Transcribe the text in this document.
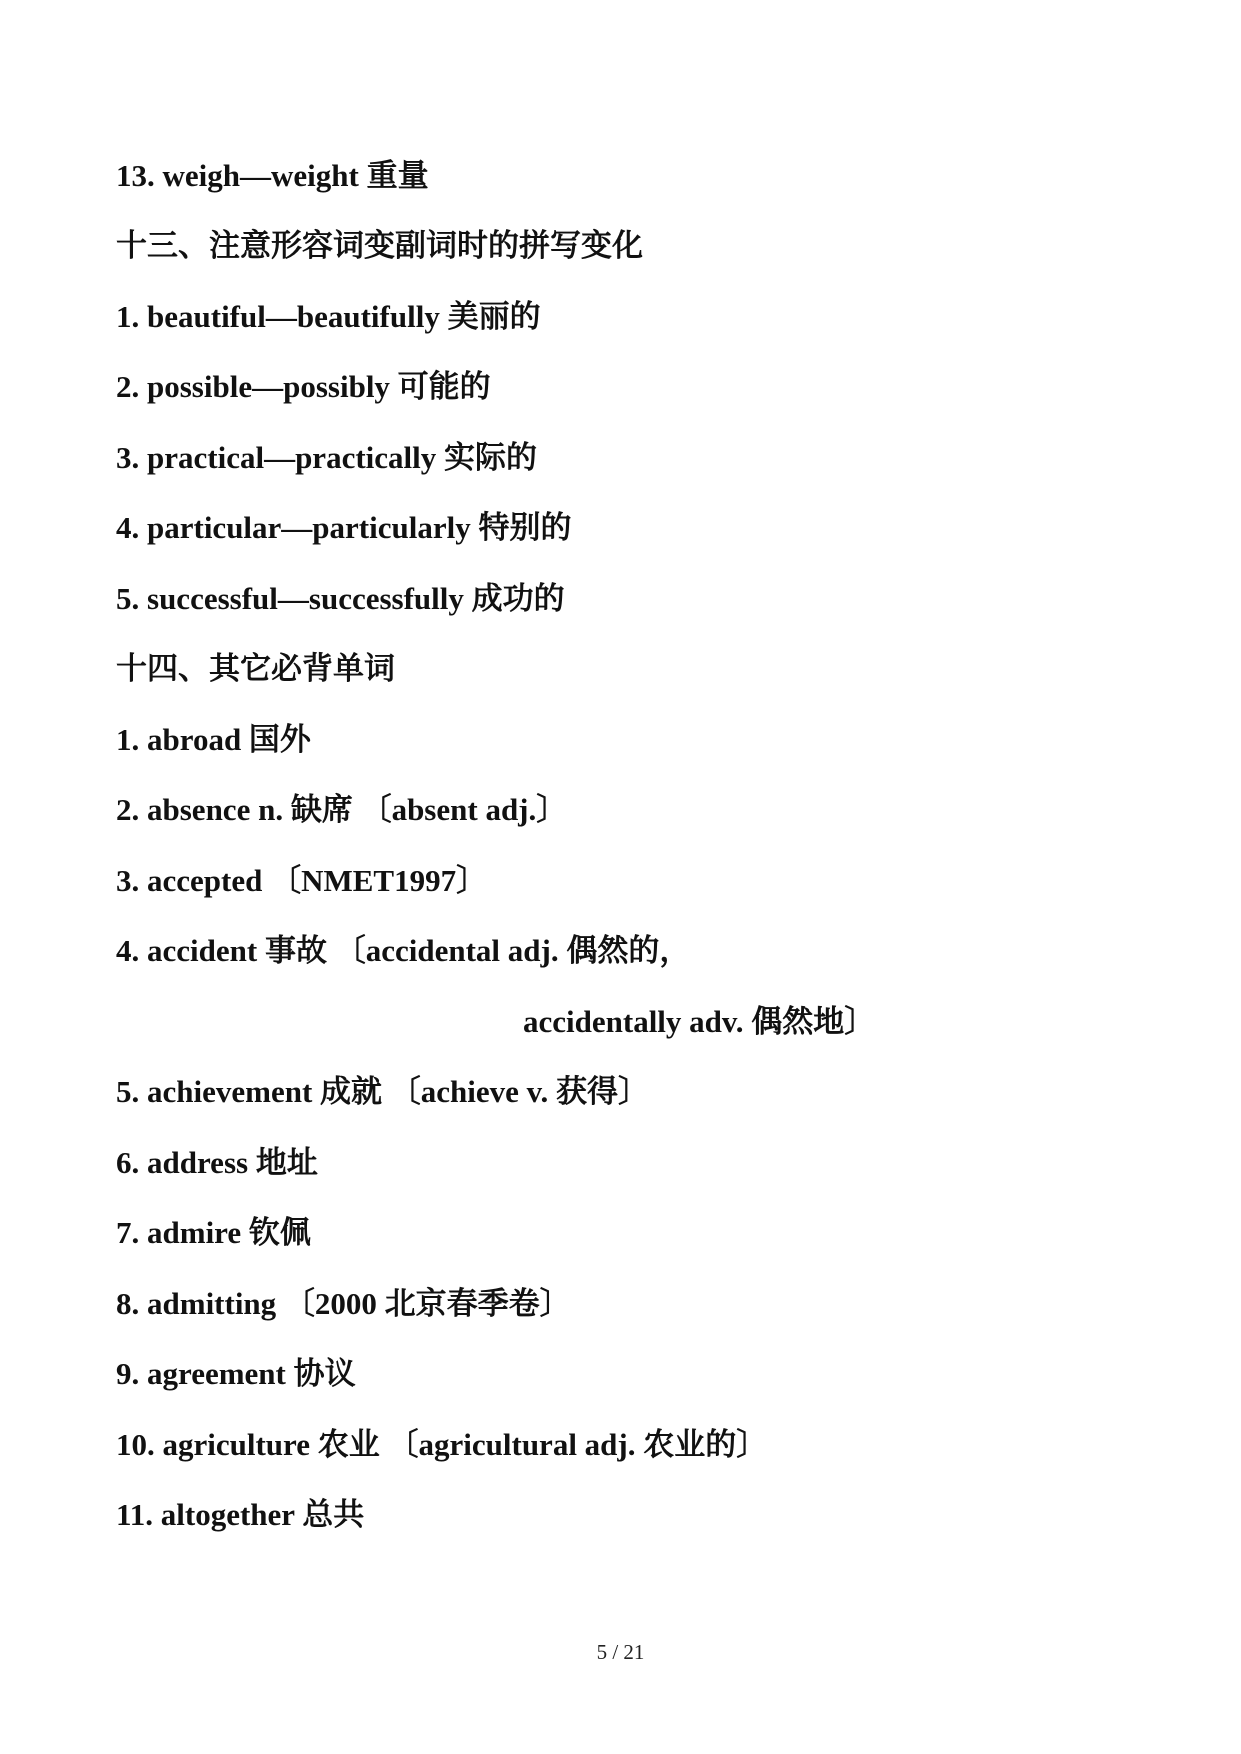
13. weigh—weight 重量
十三、注意形容词变副词时的拼写变化
1. beautiful—beautifully 美丽的
2. possible—possibly 可能的
3. practical—practically 实际的
4. particular—particularly 特别的
5. successful—successfully 成功的
十四、其它必背单词
1. abroad 国外
2. absence n. 缺席 〔absent adj.〕
3. accepted 〔NMET1997〕
4. accident 事故 〔accidental adj. 偶然的，
accidentally adv. 偶然地〕
5. achievement 成就 〔achieve v. 获得〕
6. address 地址
7. admire 钦佩
8. admitting 〔2000 北京春季卷〕
9. agreement 协议
10. agriculture 农业 〔agricultural adj. 农业的〕
11. altogether 总共
5 / 21
